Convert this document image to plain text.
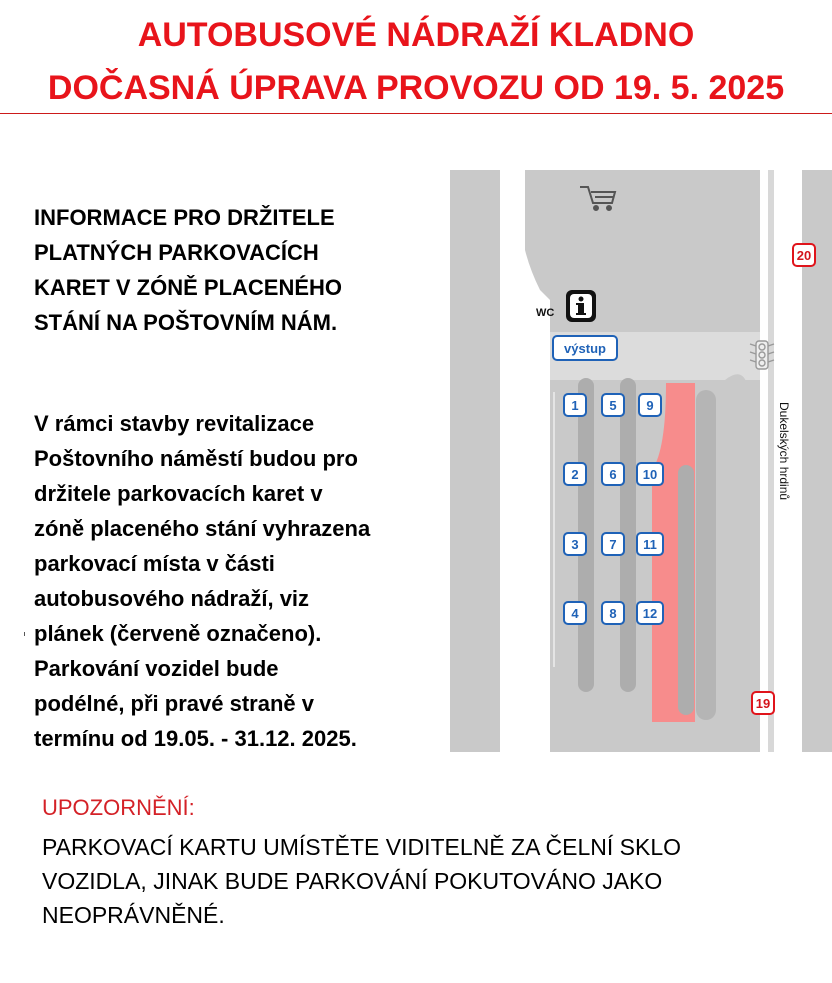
AUTOBUSOVÉ NÁDRAŽÍ KLADNO
DOČASNÁ ÚPRAVA PROVOZU OD 19. 5. 2025
INFORMACE PRO DRŽITELE
PLATNÝCH PARKOVACÍCH
KARET V ZÓNĚ PLACENÉHO
STÁNÍ NA POŠTOVNÍM NÁM.
V rámci stavby revitalizace
Poštovního náměstí budou pro
držitele parkovacích karet v
zóně placeného stání vyhrazena
parkovací místa v části
autobusového nádraží, viz
plánek (červeně označeno).
Parkování vozidel bude
podélné, při pravé straně v
termínu od 19.05. - 31.12. 2025.
UPOZORNĚNÍ:
PARKOVACÍ KARTU UMÍSTĚTE VIDITELNĚ ZA ČELNÍ SKLO
VOZIDLA, JINAK BUDE PARKOVÁNÍ POKUTOVÁNO JAKO
NEOPRÁVNĚNÉ.
1
2
3
4
5
6
7
8
9
10
11
12
WC
výstup
Dukelských hrdinů
20
19
